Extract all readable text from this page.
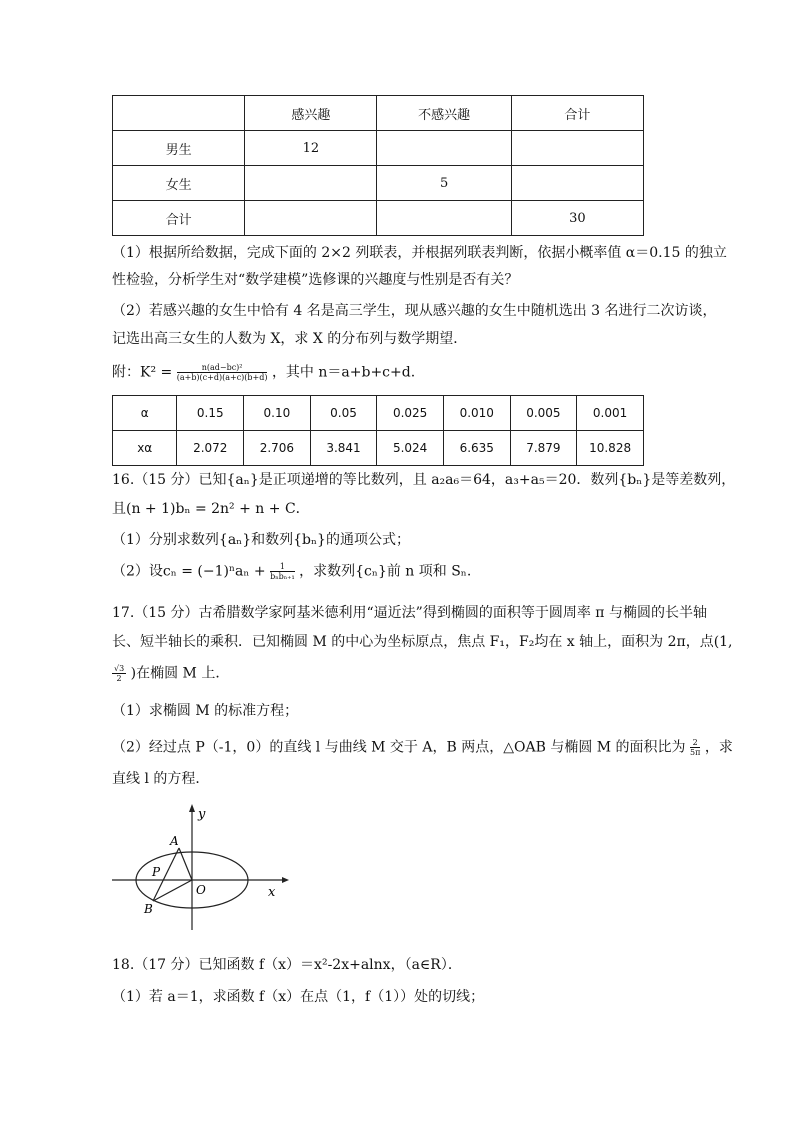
	感兴趣	不感兴趣	合计
男生	12		
女生		5	
合计			30
（1）根据所给数据，完成下面的 2×2 列联表，并根据列联表判断，依据小概率值 α＝0.15 的独立
性检验，分析学生对“数学建模”选修课的兴趣度与性别是否有关？
（2）若感兴趣的女生中恰有 4 名是高三学生，现从感兴趣的女生中随机选出 3 名进行二次访谈，
记选出高三女生的人数为 X，求 X 的分布列与数学期望．
附：$K^2 = \frac{\text{n(ad−bc)²}}{(a+b)(c+d)(a+c)(b+d)}$ ，其中 n＝a+b+c+d.
α	0.15	0.10	0.05	0.025	0.010	0.005	0.001
xα	2.072	2.706	3.841	5.024	6.635	7.879	10.828
16.（15 分）已知{aₙ}是正项递增的等比数列，且 a₂a₆＝64，a₃+a₅＝20．数列{bₙ}是等差数列，
且(n + 1)bₙ = 2n² + n + C．
（1）分别求数列{aₙ}和数列{bₙ}的通项公式；
（2）设$c_n = (-1)^na_n + \frac{1}{\text{bₙbₙ₊₁}}$ ，求数列{cₙ}前 n 项和 Sₙ.
17.（15 分）古希腊数学家阿基米德利用“逼近法”得到椭圆的面积等于圆周率 π 与椭圆的长半轴
长、短半轴长的乘积．已知椭圆 M 的中心为坐标原点，焦点 F₁，F₂均在 x 轴上，面积为 2π，点(1,
$\frac{√3}{2}$ )在椭圆 M 上．
（1）求椭圆 M 的标准方程；
（2）经过点 P（-1，0）的直线 l 与曲线 M 交于 A，B 两点，△OAB 与椭圆 M 的面积比为 $\frac{2}{5\pi}$ ，求
直线 l 的方程．
y
x
A
P
O
B
18.（17 分）已知函数 f（x）＝x²-2x+alnx，（a∈R）．
（1）若 a＝1，求函数 f（x）在点（1，f（1））处的切线；
